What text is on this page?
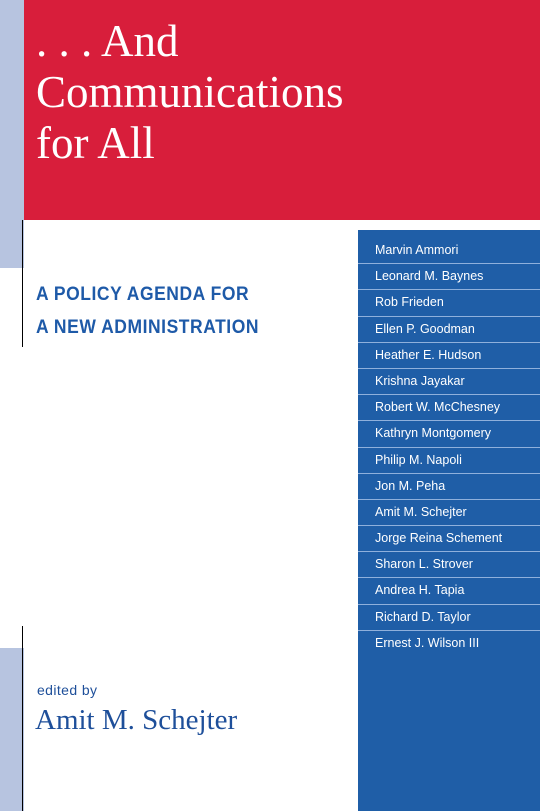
. . . And
Communications
for All
A POLICY AGENDA FOR
A NEW ADMINISTRATION
Marvin Ammori
Leonard M. Baynes
Rob Frieden
Ellen P. Goodman
Heather E. Hudson
Krishna Jayakar
Robert W. McChesney
Kathryn Montgomery
Philip M. Napoli
Jon M. Peha
Amit M. Schejter
Jorge Reina Schement
Sharon L. Strover
Andrea H. Tapia
Richard D. Taylor
Ernest J. Wilson III
edited by
Amit M. Schejter
